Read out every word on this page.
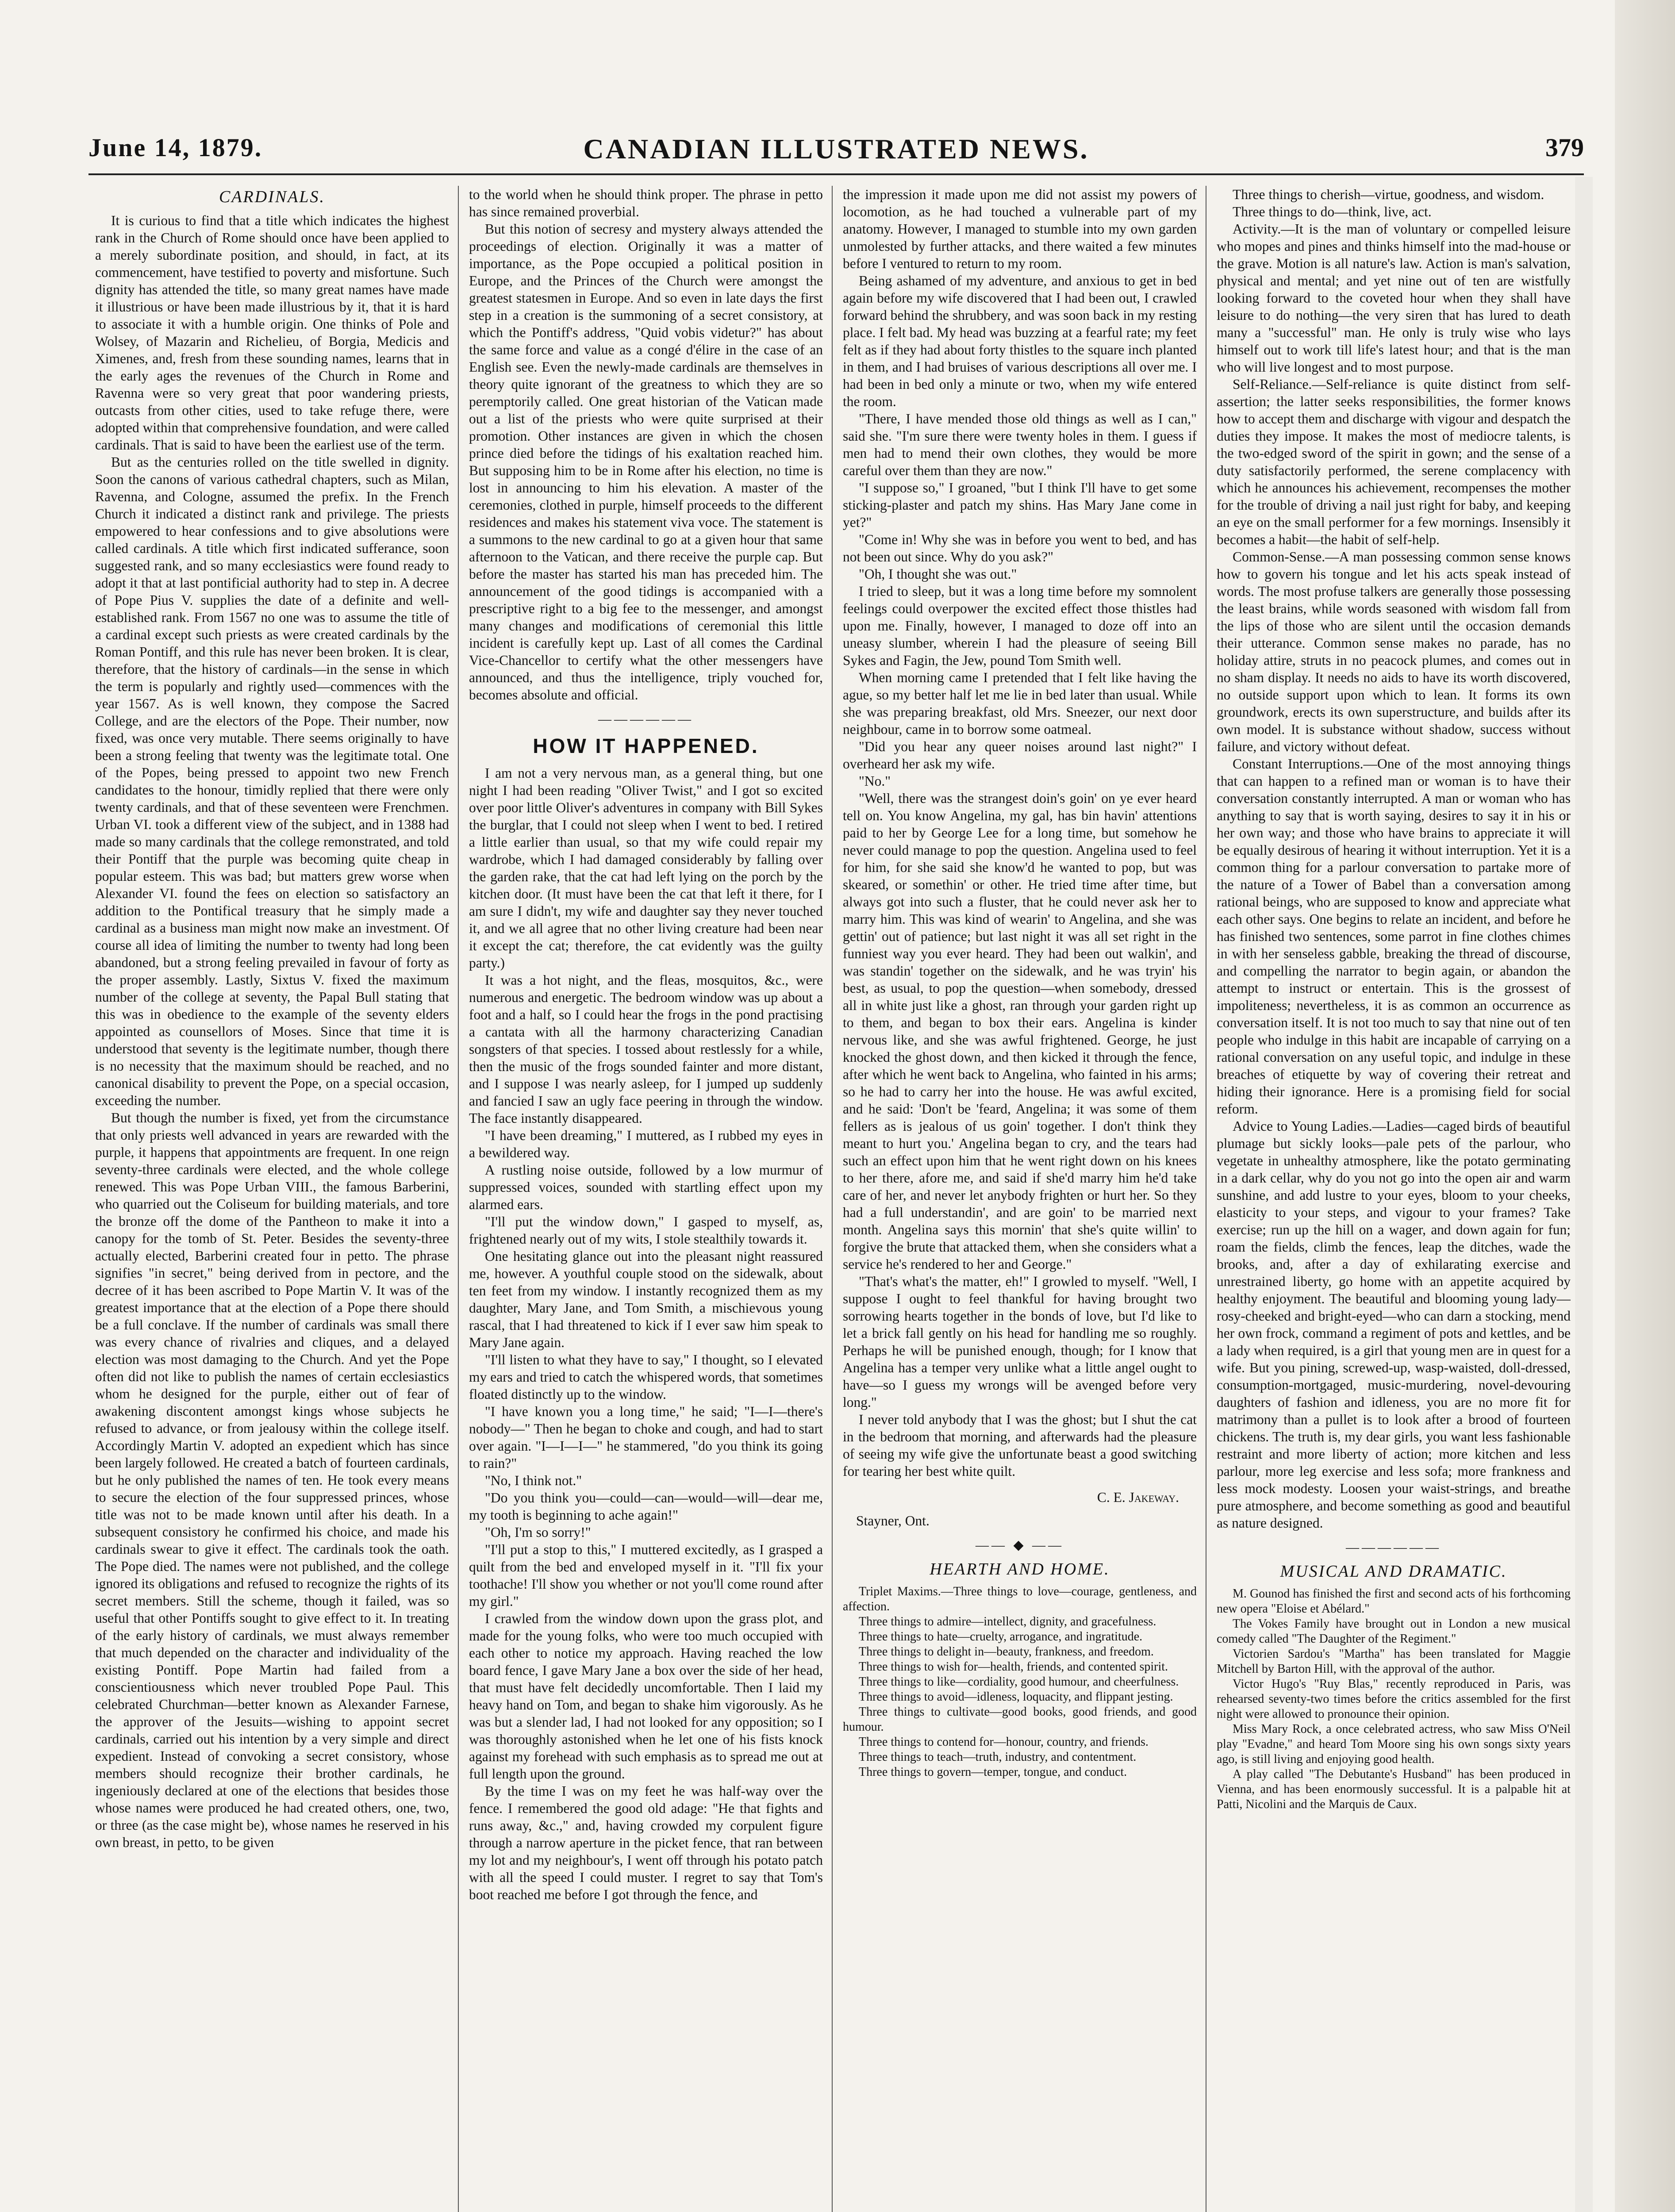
June 14, 1879.	CANADIAN ILLUSTRATED NEWS.	379
CARDINALS.

It is curious to find that a title which indicates the highest rank in the Church of Rome should once have been applied to a merely subordinate position, and should, in fact, at its commencement, have testified to poverty and misfortune. Such dignity has attended the title, so many great names have made it illustrious or have been made illustrious by it, that it is hard to associate it with a humble origin. One thinks of Pole and Wolsey, of Mazarin and Richelieu, of Borgia, Medicis and Ximenes, and, fresh from these sounding names, learns that in the early ages the revenues of the Church in Rome and Ravenna were so very great that poor wandering priests, outcasts from other cities, used to take refuge there, were adopted within that comprehensive foundation, and were called cardinals. That is said to have been the earliest use of the term.

But as the centuries rolled on the title swelled in dignity. Soon the canons of various cathedral chapters, such as Milan, Ravenna, and Cologne, assumed the prefix. In the French Church it indicated a distinct rank and privilege. The priests empowered to hear confessions and to give absolutions were called cardinals. A title which first indicated sufferance, soon suggested rank, and so many ecclesiastics were found ready to adopt it that at last pontificial authority had to step in. A decree of Pope Pius V. supplies the date of a definite and well-established rank. From 1567 no one was to assume the title of a cardinal except such priests as were created cardinals by the Roman Pontiff, and this rule has never been broken. It is clear, therefore, that the history of cardinals—in the sense in which the term is popularly and rightly used—commences with the year 1567. As is well known, they compose the Sacred College, and are the electors of the Pope. Their number, now fixed, was once very mutable. There seems originally to have been a strong feeling that twenty was the legitimate total. One of the Popes, being pressed to appoint two new French candidates to the honour, timidly replied that there were only twenty cardinals, and that of these seventeen were Frenchmen. Urban VI. took a different view of the subject, and in 1388 had made so many cardinals that the college remonstrated, and told their Pontiff that the purple was becoming quite cheap in popular esteem. This was bad; but matters grew worse when Alexander VI. found the fees on election so satisfactory an addition to the Pontifical treasury that he simply made a cardinal as a business man might now make an investment. Of course all idea of limiting the number to twenty had long been abandoned, but a strong feeling prevailed in favour of forty as the proper assembly. Lastly, Sixtus V. fixed the maximum number of the college at seventy, the Papal Bull stating that this was in obedience to the example of the seventy elders appointed as counsellors of Moses. Since that time it is understood that seventy is the legitimate number, though there is no necessity that the maximum should be reached, and no canonical disability to prevent the Pope, on a special occasion, exceeding the number.

But though the number is fixed, yet from the circumstance that only priests well advanced in years are rewarded with the purple, it happens that appointments are frequent. In one reign seventy-three cardinals were elected, and the whole college renewed. This was Pope Urban VIII., the famous Barberini, who quarried out the Coliseum for building materials, and tore the bronze off the dome of the Pantheon to make it into a canopy for the tomb of St. Peter. Besides the seventy-three actually elected, Barberini created four in petto. The phrase signifies "in secret," being derived from in pectore, and the decree of it has been ascribed to Pope Martin V. It was of the greatest importance that at the election of a Pope there should be a full conclave. If the number of cardinals was small there was every chance of rivalries and cliques, and a delayed election was most damaging to the Church. And yet the Pope often did not like to publish the names of certain ecclesiastics whom he designed for the purple, either out of fear of awakening discontent amongst kings whose subjects he refused to advance, or from jealousy within the college itself. Accordingly Martin V. adopted an expedient which has since been largely followed. He created a batch of fourteen cardinals, but he only published the names of ten. He took every means to secure the election of the four suppressed princes, whose title was not to be made known until after his death. In a subsequent consistory he confirmed his choice, and made his cardinals swear to give it effect. The cardinals took the oath. The Pope died. The names were not published, and the college ignored its obligations and refused to recognize the rights of its secret members. Still the scheme, though it failed, was so useful that other Pontiffs sought to give effect to it. In treating of the early history of cardinals, we must always remember that much depended on the character and individuality of the existing Pontiff. Pope Martin had failed from a conscientiousness which never troubled Pope Paul. This celebrated Churchman—better known as Alexander Farnese, the approver of the Jesuits—wishing to appoint secret cardinals, carried out his intention by a very simple and direct expedient. Instead of convoking a secret consistory, whose members should recognize their brother cardinals, he ingeniously declared at one of the elections that besides those whose names were produced he had created others, one, two, or three (as the case might be), whose names he reserved in his own breast, in petto, to be given

to the world when he should think proper. The phrase in petto has since remained proverbial.

But this notion of secresy and mystery always attended the proceedings of election. Originally it was a matter of importance, as the Pope occupied a political position in Europe, and the Princes of the Church were amongst the greatest statesmen in Europe. And so even in late days the first step in a creation is the summoning of a secret consistory, at which the Pontiff's address, "Quid vobis videtur?" has about the same force and value as a congé d'élire in the case of an English see. Even the newly-made cardinals are themselves in theory quite ignorant of the greatness to which they are so peremptorily called. One great historian of the Vatican made out a list of the priests who were quite surprised at their promotion. Other instances are given in which the chosen prince died before the tidings of his exaltation reached him. But supposing him to be in Rome after his election, no time is lost in announcing to him his elevation. A master of the ceremonies, clothed in purple, himself proceeds to the different residences and makes his statement viva voce. The statement is a summons to the new cardinal to go at a given hour that same afternoon to the Vatican, and there receive the purple cap. But before the master has started his man has preceded him. The announcement of the good tidings is accompanied with a prescriptive right to a big fee to the messenger, and amongst many changes and modifications of ceremonial this little incident is carefully kept up. Last of all comes the Cardinal Vice-Chancellor to certify what the other messengers have announced, and thus the intelligence, triply vouched for, becomes absolute and official.

——————
HOW IT HAPPENED.

I am not a very nervous man, as a general thing, but one night I had been reading "Oliver Twist," and I got so excited over poor little Oliver's adventures in company with Bill Sykes the burglar, that I could not sleep when I went to bed. I retired a little earlier than usual, so that my wife could repair my wardrobe, which I had damaged considerably by falling over the garden rake, that the cat had left lying on the porch by the kitchen door. (It must have been the cat that left it there, for I am sure I didn't, my wife and daughter say they never touched it, and we all agree that no other living creature had been near it except the cat; therefore, the cat evidently was the guilty party.)

It was a hot night, and the fleas, mosquitos, &c., were numerous and energetic. The bedroom window was up about a foot and a half, so I could hear the frogs in the pond practising a cantata with all the harmony characterizing Canadian songsters of that species. I tossed about restlessly for a while, then the music of the frogs sounded fainter and more distant, and I suppose I was nearly asleep, for I jumped up suddenly and fancied I saw an ugly face peering in through the window. The face instantly disappeared.

"I have been dreaming," I muttered, as I rubbed my eyes in a bewildered way.

A rustling noise outside, followed by a low murmur of suppressed voices, sounded with startling effect upon my alarmed ears.

"I'll put the window down," I gasped to myself, as, frightened nearly out of my wits, I stole stealthily towards it.

One hesitating glance out into the pleasant night reassured me, however. A youthful couple stood on the sidewalk, about ten feet from my window. I instantly recognized them as my daughter, Mary Jane, and Tom Smith, a mischievous young rascal, that I had threatened to kick if I ever saw him speak to Mary Jane again.

"I'll listen to what they have to say," I thought, so I elevated my ears and tried to catch the whispered words, that sometimes floated distinctly up to the window.

"I have known you a long time," he said; "I—I—there's nobody—" Then he began to choke and cough, and had to start over again. "I—I—I—" he stammered, "do you think its going to rain?"

"No, I think not."

"Do you think you—could—can—would—will—dear me, my tooth is beginning to ache again!"

"Oh, I'm so sorry!"

"I'll put a stop to this," I muttered excitedly, as I grasped a quilt from the bed and enveloped myself in it. "I'll fix your toothache! I'll show you whether or not you'll come round after my girl."

I crawled from the window down upon the grass plot, and made for the young folks, who were too much occupied with each other to notice my approach. Having reached the low board fence, I gave Mary Jane a box over the side of her head, that must have felt decidedly uncomfortable. Then I laid my heavy hand on Tom, and began to shake him vigorously. As he was but a slender lad, I had not looked for any opposition; so I was thoroughly astonished when he let one of his fists knock against my forehead with such emphasis as to spread me out at full length upon the ground.

By the time I was on my feet he was half-way over the fence. I remembered the good old adage: "He that fights and runs away, &c.," and, having crowded my corpulent figure through a narrow aperture in the picket fence, that ran between my lot and my neighbour's, I went off through his potato patch with all the speed I could muster. I regret to say that Tom's boot reached me before I got through the fence, and

the impression it made upon me did not assist my powers of locomotion, as he had touched a vulnerable part of my anatomy. However, I managed to stumble into my own garden unmolested by further attacks, and there waited a few minutes before I ventured to return to my room.

Being ashamed of my adventure, and anxious to get in bed again before my wife discovered that I had been out, I crawled forward behind the shrubbery, and was soon back in my resting place. I felt bad. My head was buzzing at a fearful rate; my feet felt as if they had about forty thistles to the square inch planted in them, and I had bruises of various descriptions all over me. I had been in bed only a minute or two, when my wife entered the room.

"There, I have mended those old things as well as I can," said she. "I'm sure there were twenty holes in them. I guess if men had to mend their own clothes, they would be more careful over them than they are now."

"I suppose so," I groaned, "but I think I'll have to get some sticking-plaster and patch my shins. Has Mary Jane come in yet?"

"Come in! Why she was in before you went to bed, and has not been out since. Why do you ask?"

"Oh, I thought she was out."

I tried to sleep, but it was a long time before my somnolent feelings could overpower the excited effect those thistles had upon me. Finally, however, I managed to doze off into an uneasy slumber, wherein I had the pleasure of seeing Bill Sykes and Fagin, the Jew, pound Tom Smith well.

When morning came I pretended that I felt like having the ague, so my better half let me lie in bed later than usual. While she was preparing breakfast, old Mrs. Sneezer, our next door neighbour, came in to borrow some oatmeal.

"Did you hear any queer noises around last night?" I overheard her ask my wife.

"No."

"Well, there was the strangest doin's goin' on ye ever heard tell on. You know Angelina, my gal, has bin havin' attentions paid to her by George Lee for a long time, but somehow he never could manage to pop the question. Angelina used to feel for him, for she said she know'd he wanted to pop, but was skeared, or somethin' or other. He tried time after time, but always got into such a fluster, that he could never ask her to marry him. This was kind of wearin' to Angelina, and she was gettin' out of patience; but last night it was all set right in the funniest way you ever heard. They had been out walkin', and was standin' together on the sidewalk, and he was tryin' his best, as usual, to pop the question—when somebody, dressed all in white just like a ghost, ran through your garden right up to them, and began to box their ears. Angelina is kinder nervous like, and she was awful frightened. George, he just knocked the ghost down, and then kicked it through the fence, after which he went back to Angelina, who fainted in his arms; so he had to carry her into the house. He was awful excited, and he said: 'Don't be 'feard, Angelina; it was some of them fellers as is jealous of us goin' together. I don't think they meant to hurt you.' Angelina began to cry, and the tears had such an effect upon him that he went right down on his knees to her there, afore me, and said if she'd marry him he'd take care of her, and never let anybody frighten or hurt her. So they had a full understandin', and are goin' to be married next month. Angelina says this mornin' that she's quite willin' to forgive the brute that attacked them, when she considers what a service he's rendered to her and George."

"That's what's the matter, eh!" I growled to myself. "Well, I suppose I ought to feel thankful for having brought two sorrowing hearts together in the bonds of love, but I'd like to let a brick fall gently on his head for handling me so roughly. Perhaps he will be punished enough, though; for I know that Angelina has a temper very unlike what a little angel ought to have—so I guess my wrongs will be avenged before very long."

I never told anybody that I was the ghost; but I shut the cat in the bedroom that morning, and afterwards had the pleasure of seeing my wife give the unfortunate beast a good switching for tearing her best white quilt.

C. E. Jakeway.

Stayner, Ont.

—— ◆ ——
HEARTH AND HOME.

Triplet Maxims.—Three things to love—courage, gentleness, and affection.

Three things to admire—intellect, dignity, and gracefulness.

Three things to hate—cruelty, arrogance, and ingratitude.

Three things to delight in—beauty, frankness, and freedom.

Three things to wish for—health, friends, and contented spirit.

Three things to like—cordiality, good humour, and cheerfulness.

Three things to avoid—idleness, loquacity, and flippant jesting.

Three things to cultivate—good books, good friends, and good humour.

Three things to contend for—honour, country, and friends.

Three things to teach—truth, industry, and contentment.

Three things to govern—temper, tongue, and conduct.

Three things to cherish—virtue, goodness, and wisdom.

Three things to do—think, live, act.

Activity.—It is the man of voluntary or compelled leisure who mopes and pines and thinks himself into the mad-house or the grave. Motion is all nature's law. Action is man's salvation, physical and mental; and yet nine out of ten are wistfully looking forward to the coveted hour when they shall have leisure to do nothing—the very siren that has lured to death many a "successful" man. He only is truly wise who lays himself out to work till life's latest hour; and that is the man who will live longest and to most purpose.

Self-Reliance.—Self-reliance is quite distinct from self-assertion; the latter seeks responsibilities, the former knows how to accept them and discharge with vigour and despatch the duties they impose. It makes the most of mediocre talents, is the two-edged sword of the spirit in gown; and the sense of a duty satisfactorily performed, the serene complacency with which he announces his achievement, recompenses the mother for the trouble of driving a nail just right for baby, and keeping an eye on the small performer for a few mornings. Insensibly it becomes a habit—the habit of self-help.

Common-Sense.—A man possessing common sense knows how to govern his tongue and let his acts speak instead of words. The most profuse talkers are generally those possessing the least brains, while words seasoned with wisdom fall from the lips of those who are silent until the occasion demands their utterance. Common sense makes no parade, has no holiday attire, struts in no peacock plumes, and comes out in no sham display. It needs no aids to have its worth discovered, no outside support upon which to lean. It forms its own groundwork, erects its own superstructure, and builds after its own model. It is substance without shadow, success without failure, and victory without defeat.

Constant Interruptions.—One of the most annoying things that can happen to a refined man or woman is to have their conversation constantly interrupted. A man or woman who has anything to say that is worth saying, desires to say it in his or her own way; and those who have brains to appreciate it will be equally desirous of hearing it without interruption. Yet it is a common thing for a parlour conversation to partake more of the nature of a Tower of Babel than a conversation among rational beings, who are supposed to know and appreciate what each other says. One begins to relate an incident, and before he has finished two sentences, some parrot in fine clothes chimes in with her senseless gabble, breaking the thread of discourse, and compelling the narrator to begin again, or abandon the attempt to instruct or entertain. This is the grossest of impoliteness; nevertheless, it is as common an occurrence as conversation itself. It is not too much to say that nine out of ten people who indulge in this habit are incapable of carrying on a rational conversation on any useful topic, and indulge in these breaches of etiquette by way of covering their retreat and hiding their ignorance. Here is a promising field for social reform.

Advice to Young Ladies.—Ladies—caged birds of beautiful plumage but sickly looks—pale pets of the parlour, who vegetate in unhealthy atmosphere, like the potato germinating in a dark cellar, why do you not go into the open air and warm sunshine, and add lustre to your eyes, bloom to your cheeks, elasticity to your steps, and vigour to your frames? Take exercise; run up the hill on a wager, and down again for fun; roam the fields, climb the fences, leap the ditches, wade the brooks, and, after a day of exhilarating exercise and unrestrained liberty, go home with an appetite acquired by healthy enjoyment. The beautiful and blooming young lady—rosy-cheeked and bright-eyed—who can darn a stocking, mend her own frock, command a regiment of pots and kettles, and be a lady when required, is a girl that young men are in quest for a wife. But you pining, screwed-up, wasp-waisted, doll-dressed, consumption-mortgaged, music-murdering, novel-devouring daughters of fashion and idleness, you are no more fit for matrimony than a pullet is to look after a brood of fourteen chickens. The truth is, my dear girls, you want less fashionable restraint and more liberty of action; more kitchen and less parlour, more leg exercise and less sofa; more frankness and less mock modesty. Loosen your waist-strings, and breathe pure atmosphere, and become something as good and beautiful as nature designed.

——————
MUSICAL AND DRAMATIC.

M. Gounod has finished the first and second acts of his forthcoming new opera "Eloise et Abélard."

The Vokes Family have brought out in London a new musical comedy called "The Daughter of the Regiment."

Victorien Sardou's "Martha" has been translated for Maggie Mitchell by Barton Hill, with the approval of the author.

Victor Hugo's "Ruy Blas," recently reproduced in Paris, was rehearsed seventy-two times before the critics assembled for the first night were allowed to pronounce their opinion.

Miss Mary Rock, a once celebrated actress, who saw Miss O'Neil play "Evadne," and heard Tom Moore sing his own songs sixty years ago, is still living and enjoying good health.

A play called "The Debutante's Husband" has been produced in Vienna, and has been enormously successful. It is a palpable hit at Patti, Nicolini and the Marquis de Caux.
